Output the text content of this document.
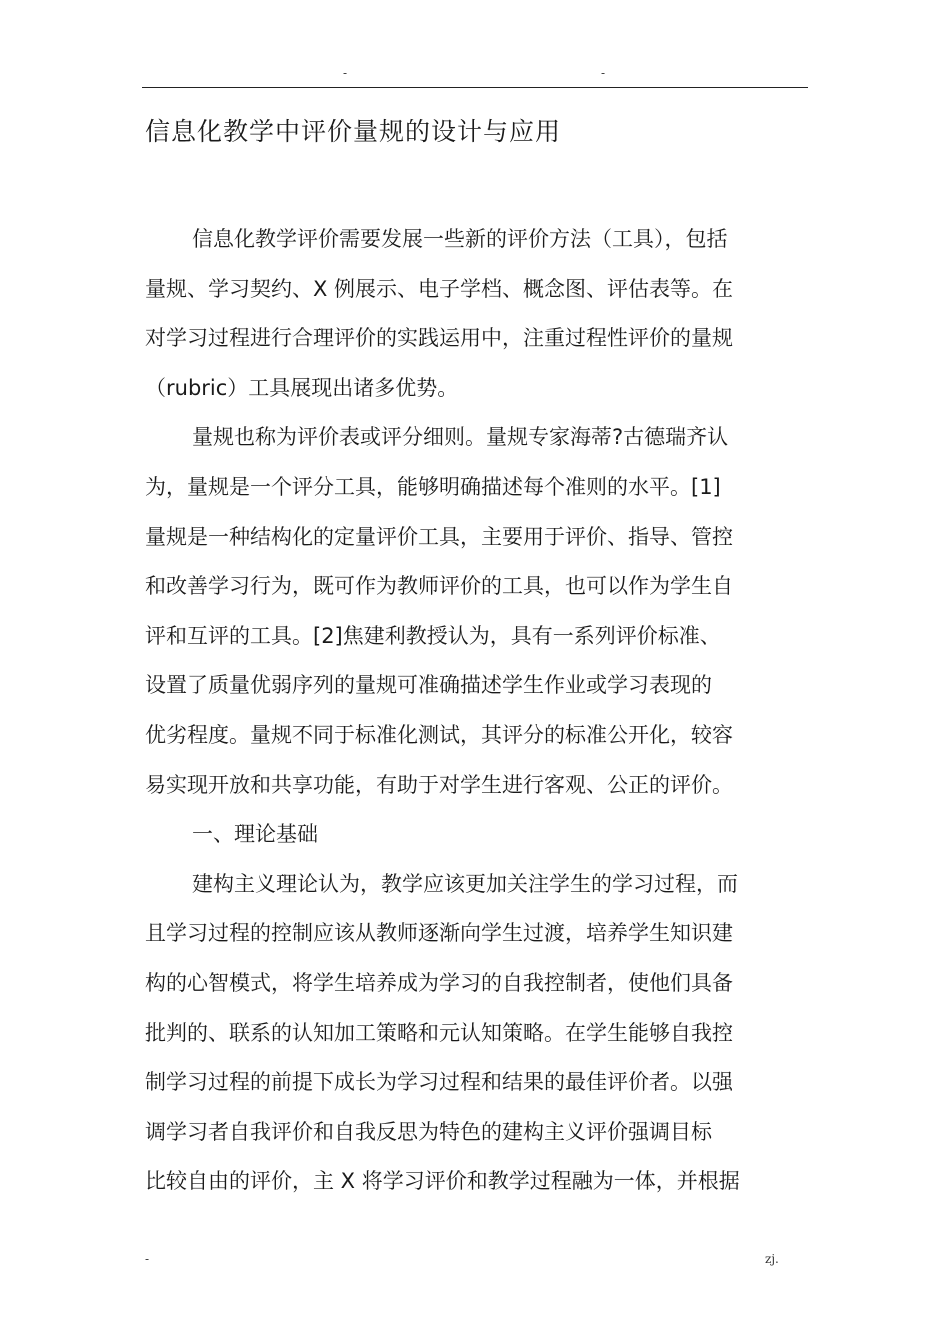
-	-
信息化教学中评价量规的设计与应用
信息化教学评价需要发展一些新的评价方法（工具），包括
量规、学习契约、X 例展示、电子学档、概念图、评估表等。在
对学习过程进行合理评价的实践运用中，注重过程性评价的量规
（rubric）工具展现出诸多优势。
量规也称为评价表或评分细则。量规专家海蒂?古德瑞齐认
为，量规是一个评分工具，能够明确描述每个准则的水平。[1]
量规是一种结构化的定量评价工具，主要用于评价、指导、管控
和改善学习行为，既可作为教师评价的工具，也可以作为学生自
评和互评的工具。[2]焦建利教授认为，具有一系列评价标准、
设置了质量优弱序列的量规可准确描述学生作业或学习表现的
优劣程度。量规不同于标准化测试，其评分的标准公开化，较容
易实现开放和共享功能，有助于对学生进行客观、公正的评价。
一、理论基础
建构主义理论认为，教学应该更加关注学生的学习过程，而
且学习过程的控制应该从教师逐渐向学生过渡，培养学生知识建
构的心智模式，将学生培养成为学习的自我控制者，使他们具备
批判的、联系的认知加工策略和元认知策略。在学生能够自我控
制学习过程的前提下成长为学习过程和结果的最佳评价者。以强
调学习者自我评价和自我反思为特色的建构主义评价强调目标
比较自由的评价，主 X 将学习评价和教学过程融为一体，并根据
-	zj.
